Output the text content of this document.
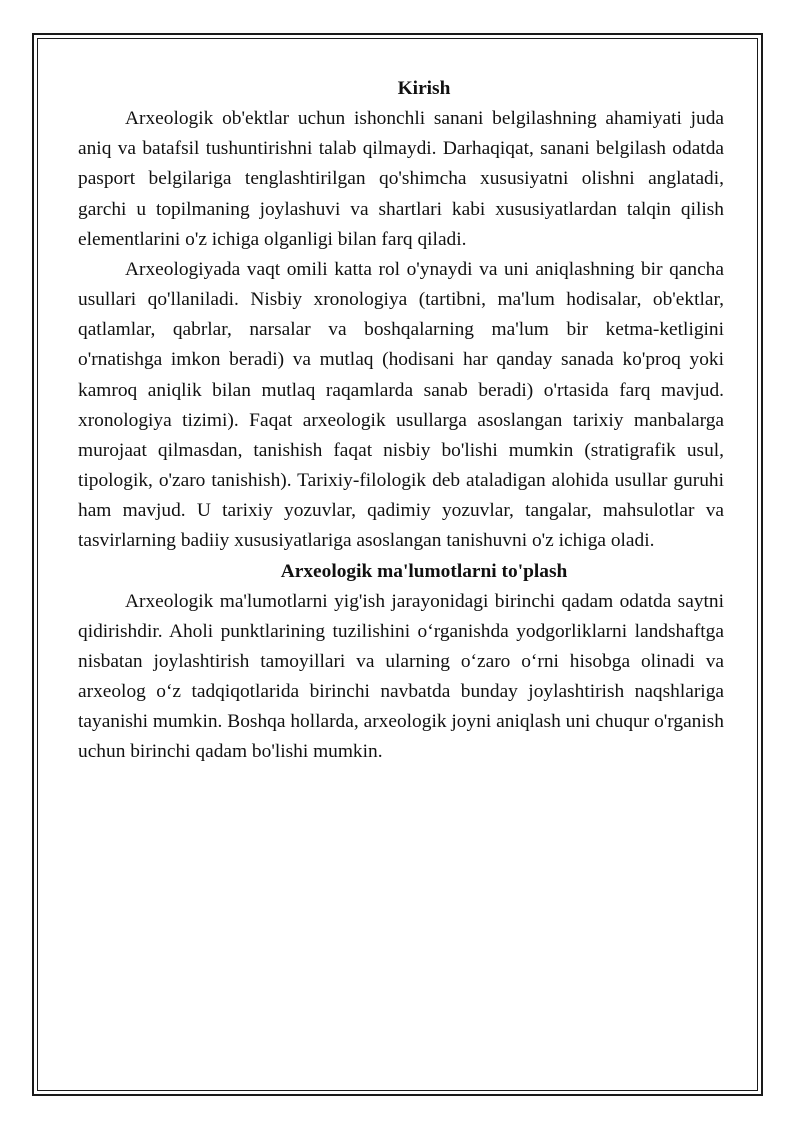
Kirish

Arxeologik ob'ektlar uchun ishonchli sanani belgilashning ahamiyati juda aniq va batafsil tushuntirishni talab qilmaydi. Darhaqiqat, sanani belgilash odatda pasport belgilariga tenglashtirilgan qo'shimcha xususiyatni olishni anglatadi, garchi u topilmaning joylashuvi va shartlari kabi xususiyatlardan talqin qilish elementlarini o'z ichiga olganligi bilan farq qiladi.

Arxeologiyada vaqt omili katta rol o'ynaydi va uni aniqlashning bir qancha usullari qo'llaniladi. Nisbiy xronologiya (tartibni, ma'lum hodisalar, ob'ektlar, qatlamlar, qabrlar, narsalar va boshqalarning ma'lum bir ketma-ketligini o'rnatishga imkon beradi) va mutlaq (hodisani har qanday sanada ko'proq yoki kamroq aniqlik bilan mutlaq raqamlarda sanab beradi) o'rtasida farq mavjud. xronologiya tizimi). Faqat arxeologik usullarga asoslangan tarixiy manbalarga murojaat qilmasdan, tanishish faqat nisbiy bo'lishi mumkin (stratigrafik usul, tipologik, o'zaro tanishish). Tarixiy-filologik deb ataladigan alohida usullar guruhi ham mavjud. U tarixiy yozuvlar, qadimiy yozuvlar, tangalar, mahsulotlar va tasvirlarning badiiy xususiyatlariga asoslangan tanishuvni o'z ichiga oladi.

Arxeologik ma'lumotlarni to'plash

Arxeologik ma'lumotlarni yig'ish jarayonidagi birinchi qadam odatda saytni qidirishdir. Aholi punktlarining tuzilishini o‘rganishda yodgorliklarni landshaftga nisbatan joylashtirish tamoyillari va ularning o‘zaro o‘rni hisobga olinadi va arxeolog o‘z tadqiqotlarida birinchi navbatda bunday joylashtirish naqshlariga tayanishi mumkin. Boshqa hollarda, arxeologik joyni aniqlash uni chuqur o'rganish uchun birinchi qadam bo'lishi mumkin.
